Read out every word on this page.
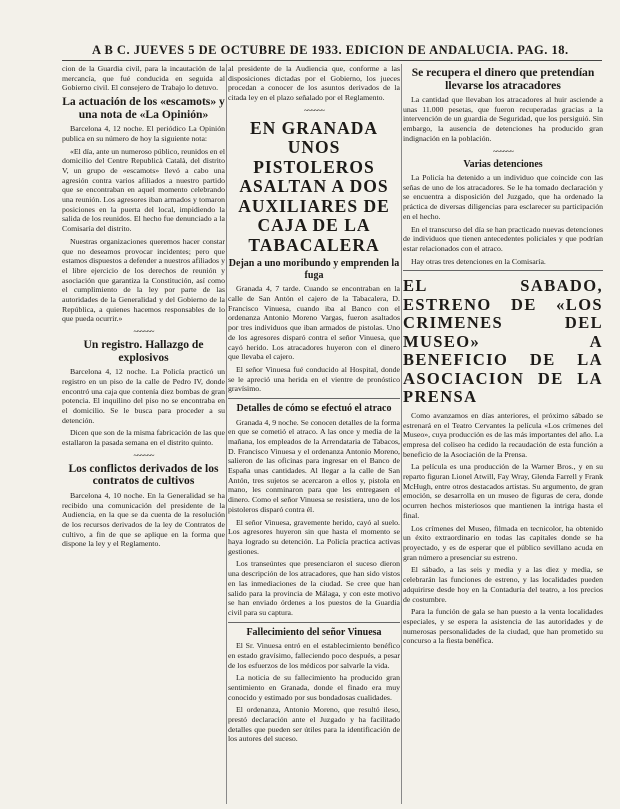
A B C. JUEVES 5 DE OCTUBRE DE 1933. EDICION DE ANDALUCIA. PAG. 18.

cion de la Guardia civil, para la incautación de la mercancía, que fué conducida en seguida al Gobierno civil. El consejero de Trabajo lo detuvo.

La actuación de los «escamots» y una nota de «La Opinión»

Barcelona 4, 12 noche. El periódico La Opinión publica en su número de hoy la siguiente nota:

«El día, ante un numeroso público, reunidos en el domicilio del Centre Republicà Català, del distrito V, un grupo de «escamots» llevó a cabo una agresión contra varios afiliados a nuestro partido que se encontraban en aquel momento celebrando una reunión. Los agresores iban armados y tomaron posiciones en la puerta del local, impidiendo la salida de los reunidos. El hecho fue denunciado a la Comisaría del distrito.

Nuestras organizaciones queremos hacer constar que no deseamos provocar incidentes; pero que estamos dispuestos a defender a nuestros afiliados y el libre ejercicio de los derechos de reunión y asociación que garantiza la Constitución, así como el cumplimiento de la ley por parte de las autoridades de la Generalidad y del Gobierno de la República, a quienes hacemos responsables de lo que pueda ocurrir.»

~~~~~~
Un registro. Hallazgo de explosivos

Barcelona 4, 12 noche. La Policía practicó un registro en un piso de la calle de Pedro IV, donde encontró una caja que contenía diez bombas de gran potencia. El inquilino del piso no se encontraba en el domicilio. Se le busca para proceder a su detención.

Dicen que son de la misma fabricación de las que estallaron la pasada semana en el distrito quinto.

~~~~~~
Los conflictos derivados de los contratos de cultivos

Barcelona 4, 10 noche. En la Generalidad se ha recibido una comunicación del presidente de la Audiencia, en la que se da cuenta de la resolución de los recursos derivados de la ley de Contratos de cultivo, a fin de que se aplique en la forma que dispone la ley y el Reglamento.

al presidente de la Audiencia que, conforme a las disposiciones dictadas por el Gobierno, los jueces procedan a conocer de los asuntos derivados de la citada ley en el plazo señalado por el Reglamento.

~~~~~~
EN GRANADA UNOS PISTOLEROS ASALTAN A DOS AUXILIARES DE CAJA DE LA TABACALERA
Dejan a uno moribundo y emprenden la fuga

Granada 4, 7 tarde. Cuando se encontraban en la calle de San Antón el cajero de la Tabacalera, D. Francisco Vinuesa, cuando iba al Banco con el ordenanza Antonio Moreno Vargas, fueron asaltados por tres individuos que iban armados de pistolas. Uno de los agresores disparó contra el señor Vinuesa, que cayó herido. Los atracadores huyeron con el dinero que llevaba el cajero.

El señor Vinuesa fué conducido al Hospital, donde se le apreció una herida en el vientre de pronóstico gravísimo.

Detalles de cómo se efectuó el atraco

Granada 4, 9 noche. Se conocen detalles de la forma en que se cometió el atraco. A las once y media de la mañana, los empleados de la Arrendataria de Tabacos, D. Francisco Vinuesa y el ordenanza Antonio Moreno, salieron de las oficinas para ingresar en el Banco de España unas cantidades. Al llegar a la calle de San Antón, tres sujetos se acercaron a ellos y, pistola en mano, les conminaron para que les entregasen el dinero. Como el señor Vinuesa se resistiera, uno de los pistoleros disparó contra él.

El señor Vinuesa, gravemente herido, cayó al suelo. Los agresores huyeron sin que hasta el momento se haya logrado su detención. La Policía practica activas gestiones.

Los transeúntes que presenciaron el suceso dieron una descripción de los atracadores, que han sido vistos en las inmediaciones de la ciudad. Se cree que han salido para la provincia de Málaga, y con este motivo se han enviado órdenes a los puestos de la Guardia civil para su captura.

Fallecimiento del señor Vinuesa

El Sr. Vinuesa entró en el establecimiento benéfico en estado gravísimo, falleciendo poco después, a pesar de los esfuerzos de los médicos por salvarle la vida.

La noticia de su fallecimiento ha producido gran sentimiento en Granada, donde el finado era muy conocido y estimado por sus bondadosas cualidades.

El ordenanza, Antonio Moreno, que resultó ileso, prestó declaración ante el Juzgado y ha facilitado detalles que pueden ser útiles para la identificación de los autores del suceso.

Se recupera el dinero que pretendían llevarse los atracadores

La cantidad que llevaban los atracadores al huir asciende a unas 11.000 pesetas, que fueron recuperadas gracias a la intervención de un guardia de Seguridad, que los persiguió. Sin embargo, la ausencia de detenciones ha producido gran indignación en la población.

~~~~~~
Varias detenciones

La Policía ha detenido a un individuo que coincide con las señas de uno de los atracadores. Se le ha tomado declaración y se encuentra a disposición del Juzgado, que ha ordenado la práctica de diversas diligencias para esclarecer su participación en el hecho.

En el transcurso del día se han practicado nuevas detenciones de individuos que tienen antecedentes policiales y que podrían estar relacionados con el atraco.

Hay otras tres detenciones en la Comisaría.

EL SABADO, ESTRENO DE «LOS CRIMENES DEL MUSEO» A BENEFICIO DE LA ASOCIACION DE LA PRENSA

Como avanzamos en días anteriores, el próximo sábado se estrenará en el Teatro Cervantes la película «Los crímenes del Museo», cuya producción es de las más importantes del año. La empresa del coliseo ha cedido la recaudación de esta función a beneficio de la Asociación de la Prensa.

La película es una producción de la Warner Bros., y en su reparto figuran Lionel Atwill, Fay Wray, Glenda Farrell y Frank McHugh, entre otros destacados artistas. Su argumento, de gran emoción, se desarrolla en un museo de figuras de cera, donde ocurren hechos misteriosos que mantienen la intriga hasta el final.

Los crímenes del Museo, filmada en tecnicolor, ha obtenido un éxito extraordinario en todas las capitales donde se ha proyectado, y es de esperar que el público sevillano acuda en gran número a presenciar su estreno.

El sábado, a las seis y media y a las diez y media, se celebrarán las funciones de estreno, y las localidades pueden adquirirse desde hoy en la Contaduría del teatro, a los precios de costumbre.

Para la función de gala se han puesto a la venta localidades especiales, y se espera la asistencia de las autoridades y de numerosas personalidades de la ciudad, que han prometido su concurso a la fiesta benéfica.
